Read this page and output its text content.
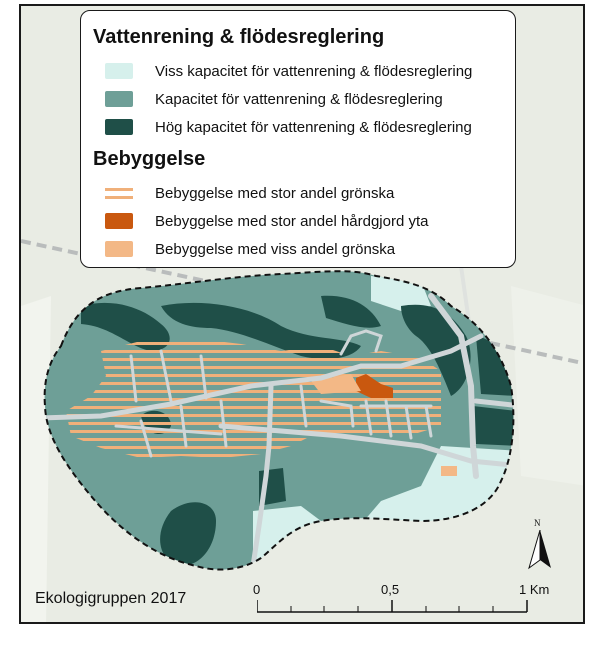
Vattenrening & flödesreglering
Viss kapacitet för vattenrening & flödesreglering
Kapacitet för vattenrening & flödesreglering
Hög kapacitet för vattenrening & flödesreglering
Bebyggelse
Bebyggelse med stor andel grönska
Bebyggelse med stor andel hårdgjord yta
Bebyggelse med viss andel grönska
Ekologigruppen 2017
0	0,5	1 Km
N
